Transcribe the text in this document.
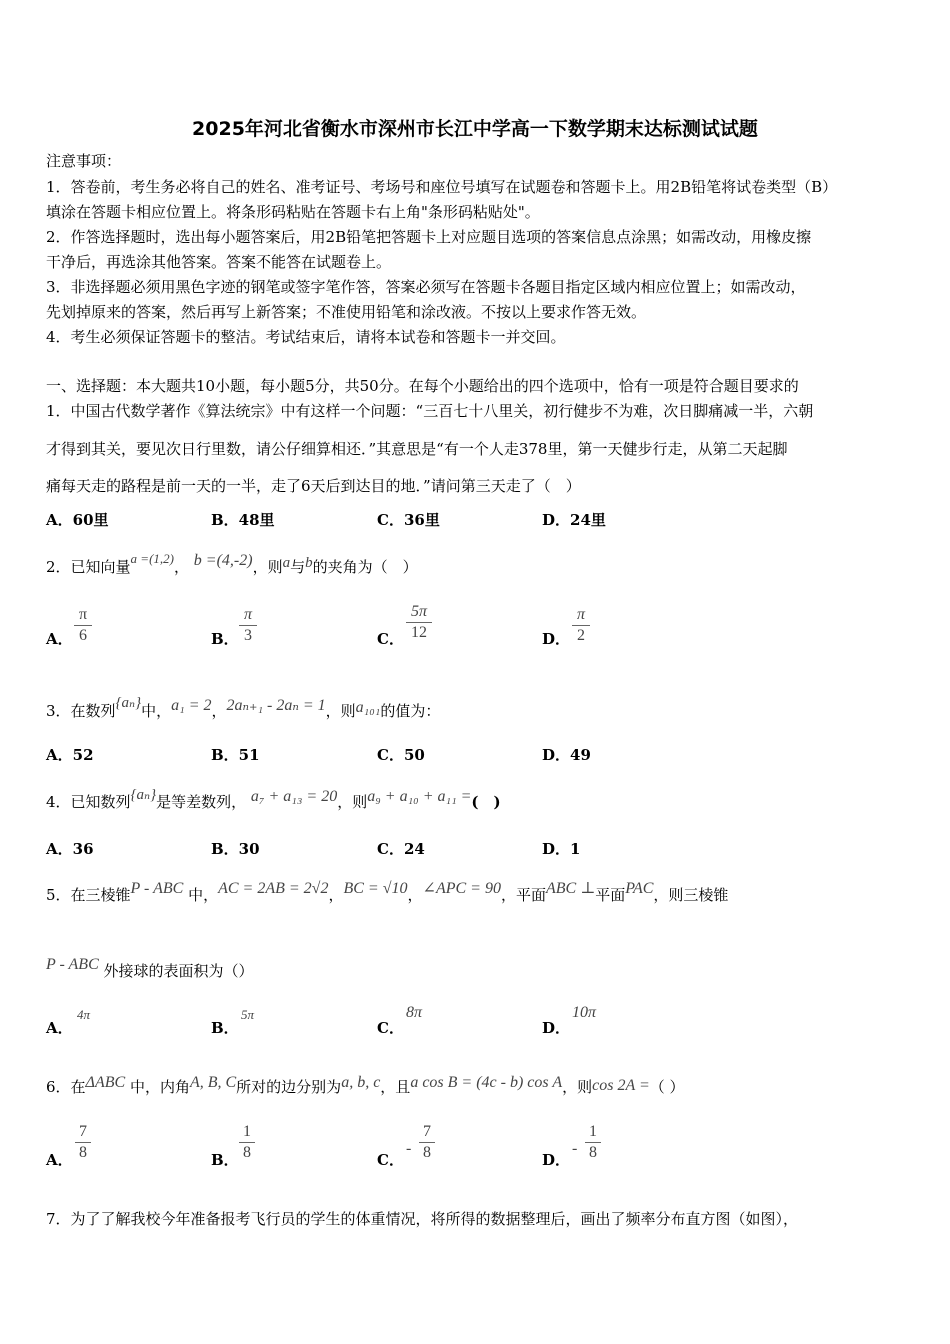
2025年河北省衡水市深州市长江中学高一下数学期末达标测试试题
注意事项：
1．答卷前，考生务必将自己的姓名、准考证号、考场号和座位号填写在试题卷和答题卡上。用2B铅笔将试卷类型（B）
填涂在答题卡相应位置上。将条形码粘贴在答题卡右上角"条形码粘贴处"。
2．作答选择题时，选出每小题答案后，用2B铅笔把答题卡上对应题目选项的答案信息点涂黑；如需改动，用橡皮擦
干净后，再选涂其他答案。答案不能答在试题卷上。
3．非选择题必须用黑色字迹的钢笔或签字笔作答，答案必须写在答题卡各题目指定区域内相应位置上；如需改动，
先划掉原来的答案，然后再写上新答案；不准使用铅笔和涂改液。不按以上要求作答无效。
4．考生必须保证答题卡的整洁。考试结束后，请将本试卷和答题卡一并交回。
一、选择题：本大题共10小题，每小题5分，共50分。在每个小题给出的四个选项中，恰有一项是符合题目要求的
1．中国古代数学著作《算法统宗》中有这样一个问题：“三百七十八里关，初行健步不为难，次日脚痛减一半，六朝
才得到其关，要见次日行里数，请公仔细算相还．”其意思是“有一个人走378里，第一天健步行走，从第二天起脚
痛每天走的路程是前一天的一半，走了6天后到达目的地．”请问第三天走了（　）
A．60里	B．48里	C．36里	D．24里
2．已知向量a =(1,2)， b =(4,-2)，则a与b的夹角为（　）
A．
π
6	B．
π
3	C．
5π
12	D．
π
2
3．在数列{aₙ}中，a₁ = 2，2aₙ₊₁ - 2aₙ = 1，则a₁₀₁的值为：
A．52	B．51	C．50	D．49
4．已知数列{aₙ}是等差数列， a₇ + a₁₃ = 20，则a₉ + a₁₀ + a₁₁ =(　)
A．36	B．30	C．24	D．1
5．在三棱锥P - ABC 中，AC = 2AB = 2√2，BC = √10，∠APC = 90，平面ABC ⊥平面PAC，则三棱锥
P - ABC 外接球的表面积为（）
A．
4π
B．
5π
C．
8π
D．
10π
6．在ΔABC 中，内角A, B, C所对的边分别为a, b, c，且a cos B = (4c - b) cos A，则cos 2A =（ ）
A．
7
8	B．
1
8	C．
-
7
8	D．
-
1
8
7．为了了解我校今年准备报考飞行员的学生的体重情况，将所得的数据整理后，画出了频率分布直方图（如图），
